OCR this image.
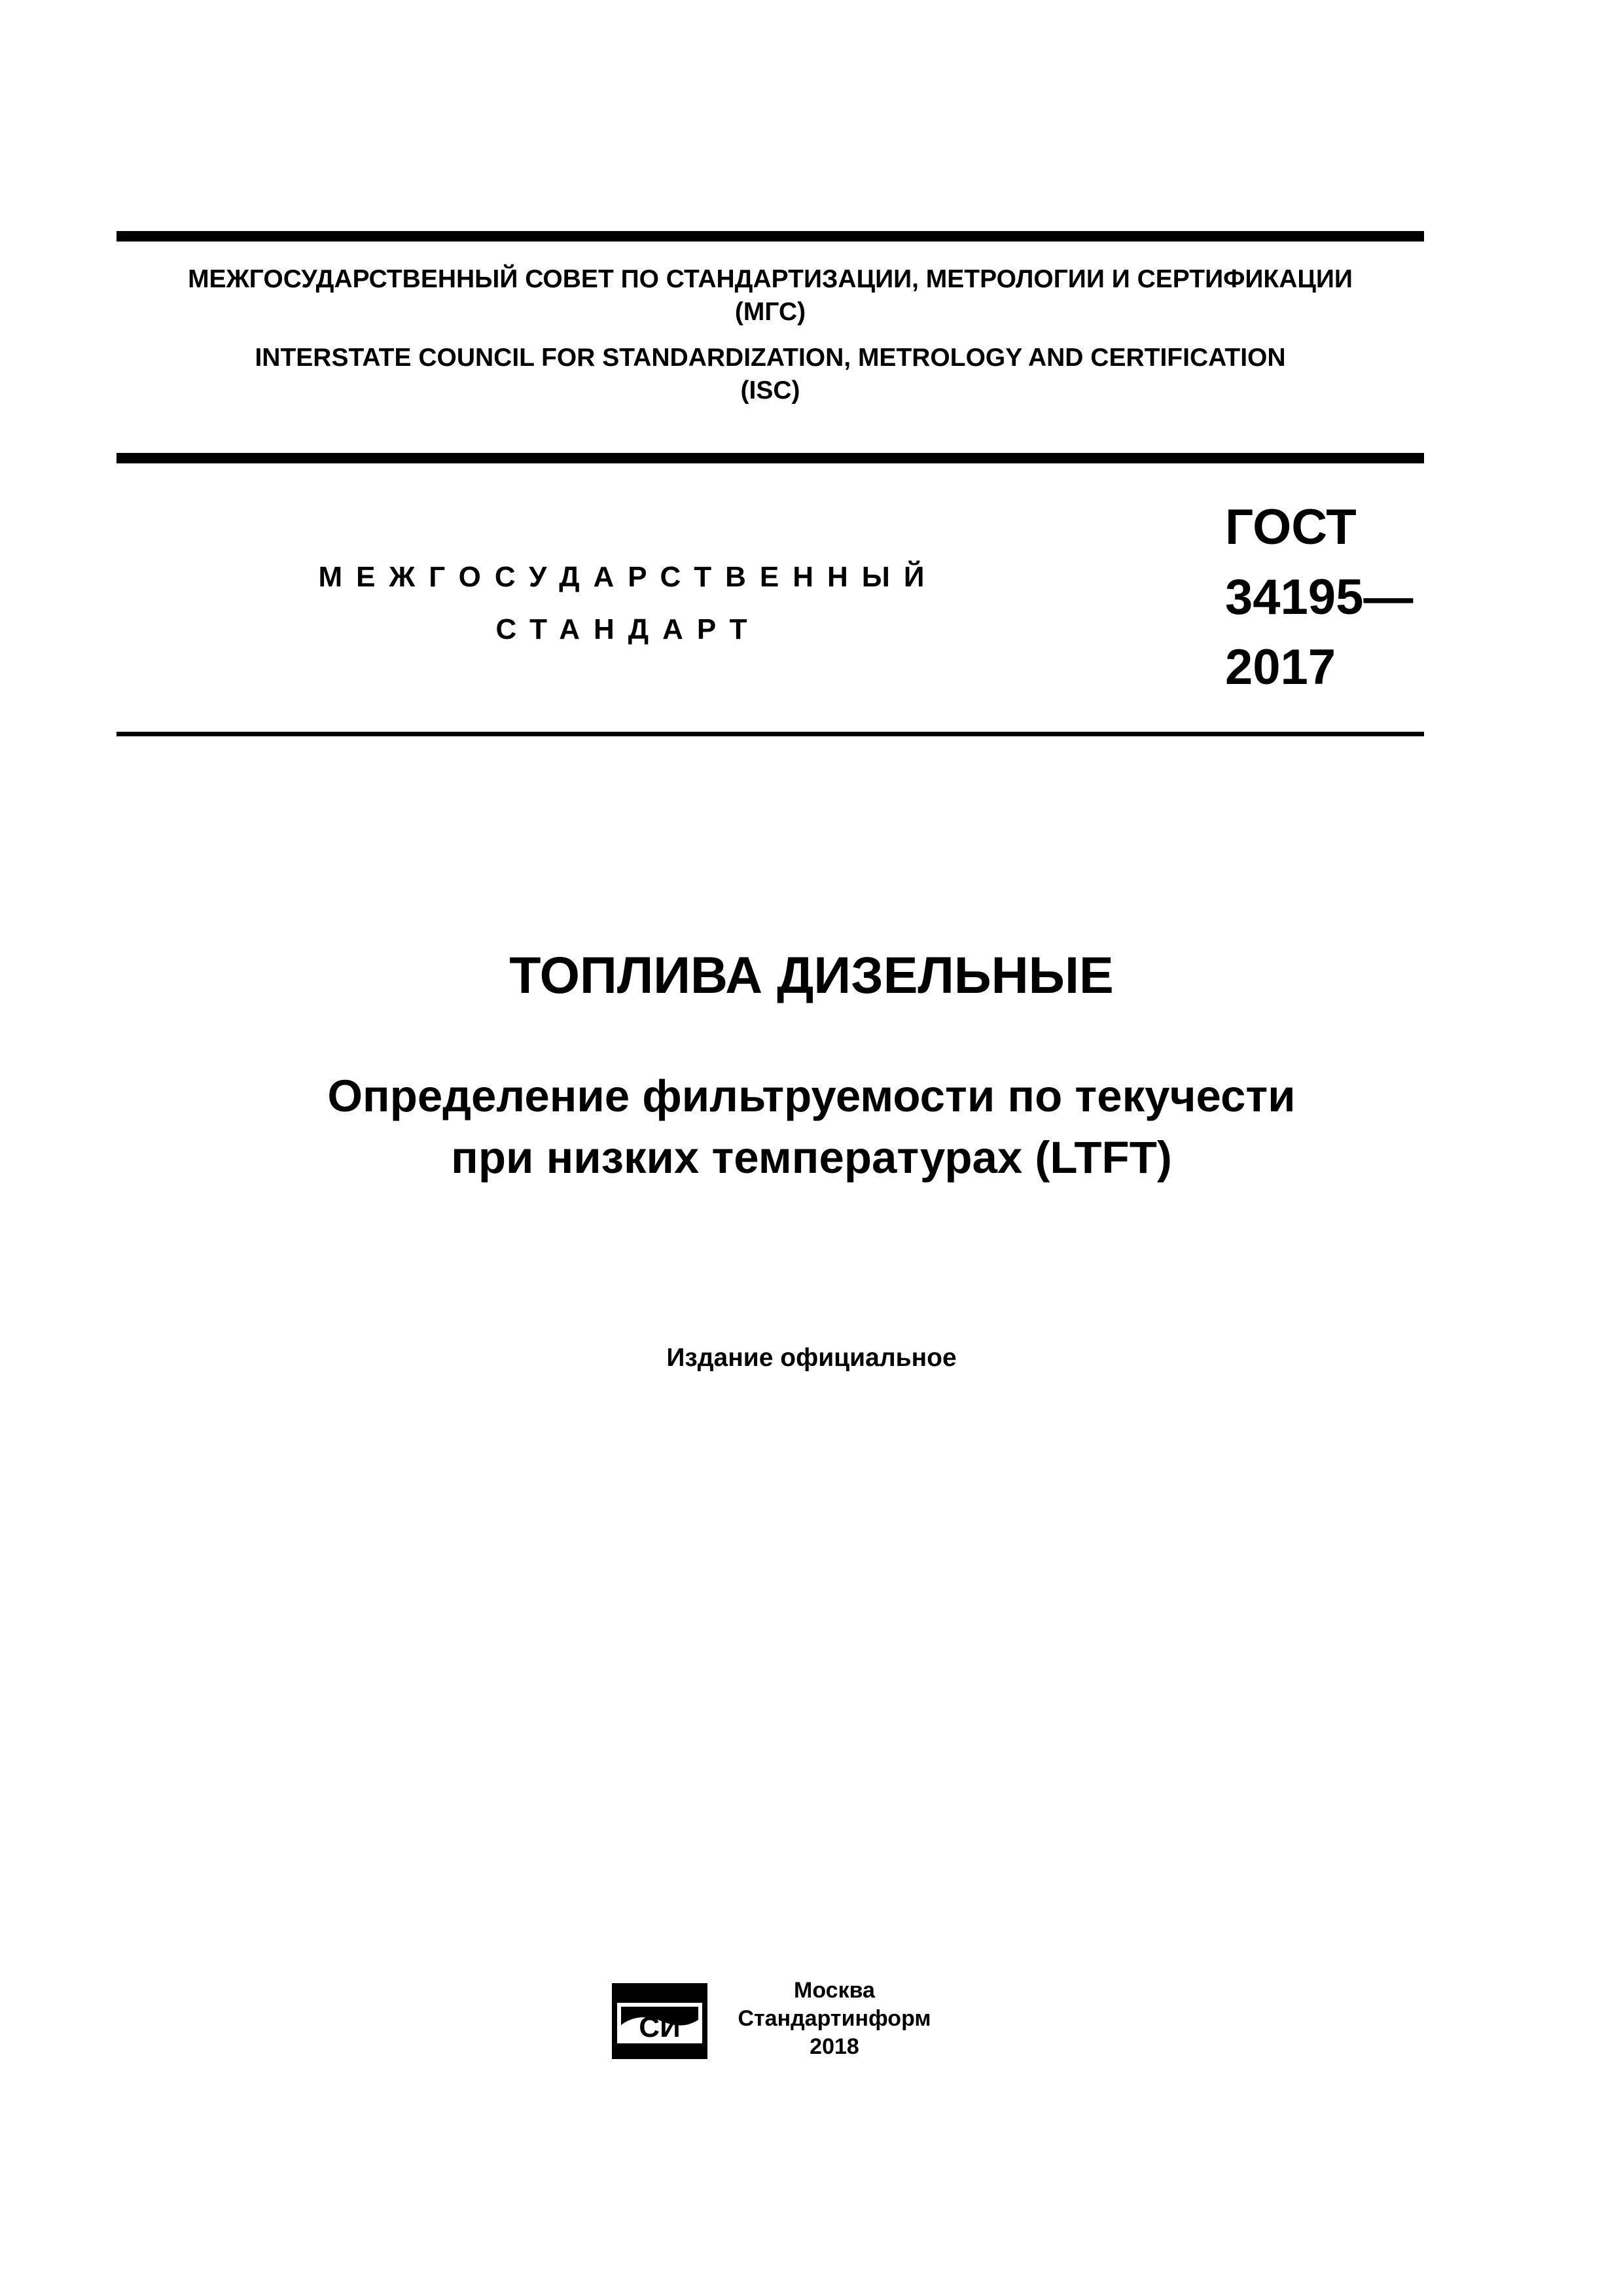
МЕЖГОСУДАРСТВЕННЫЙ СОВЕТ ПО СТАНДАРТИЗАЦИИ, МЕТРОЛОГИИ И СЕРТИФИКАЦИИ
(МГС)
INTERSTATE COUNCIL FOR STANDARDIZATION, METROLOGY AND CERTIFICATION
(ISC)
МЕЖГОСУДАРСТВЕННЫЙ
СТАНДАРТ
ГОСТ
34195—
2017
ТОПЛИВА ДИЗЕЛЬНЫЕ
Определение фильтруемости по текучести
при низких температурах (LTFT)
Издание официальное
СИ
Москва
Стандартинформ
2018
